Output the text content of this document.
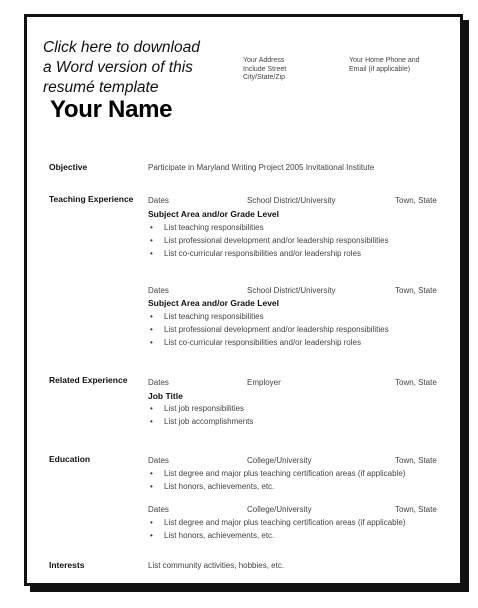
Click here to download
a Word version of this
resumé template
Your Address
Include Street
City/State/Zip
Your Home Phone and
Email (if applicable)
Your Name
Objective	Participate in Maryland Writing Project 2005 Invitational Institute
Teaching Experience Dates	School District/University	Town, State
Subject Area and/or Grade Level
• List teaching responsibilities
• List professional development and/or leadership responsibilities
• List co-curricular responsibilities and/or leadership roles
Dates	School District/University	Town, State
Subject Area and/or Grade Level
• List teaching responsibilities
• List professional development and/or leadership responsibilities
• List co-curricular responsibilities and/or leadership roles
Related Experience	Dates	Employer	Town, State
Job Title
• List job responsibilities
• List job accomplishments
Education	Dates	College/University	Town, State
• List degree and major plus teaching certification areas (if applicable)
• List honors, achievements, etc.
Dates	College/University	Town, State
• List degree and major plus teaching certification areas (if applicable)
• List honors, achievements, etc.
Interests	List community activities, hobbies, etc.
